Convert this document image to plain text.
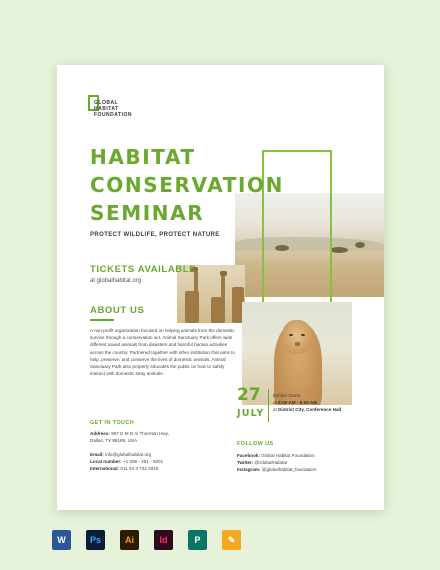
GLOBAL
HABITAT
FOUNDATION
HABITAT
CONSERVATION
SEMINAR
PROTECT WILDLIFE, PROTECT NATURE
TICKETS AVAILABLE
at globalhabitat.org
ABOUT US
A non-profit organization focused on helping animals from the domestic survive through a conservation act, Animal Sanctuary Park offers wide different saved animals from disasters and harmful human activities across the country. Partnered together with other institution that aims to help, preserve, and conserve the lives of domestic animals, Animal Sanctuary Park also properly educates the public on how to safely interact with domestic stray animals.
GET IN TOUCH
Address: 907 D M D Al Thornton Hwy,
Dallas, TX 89189, USA
Email: info@globalhabitat.org
Local number: +1 209 - 281 - 9201
International: 011 64 3 722 2910
27
JULY
Exhibit Starts
at 8:00 AM - 5:00 AM
at District City, Conference Hall
FOLLOW US
Facebook: Global Habitat Foundation
Twitter: @GlobalHabitat
Instagram: @globalhabitat_foundation
W	Ps	Ai	Id	P	✎
